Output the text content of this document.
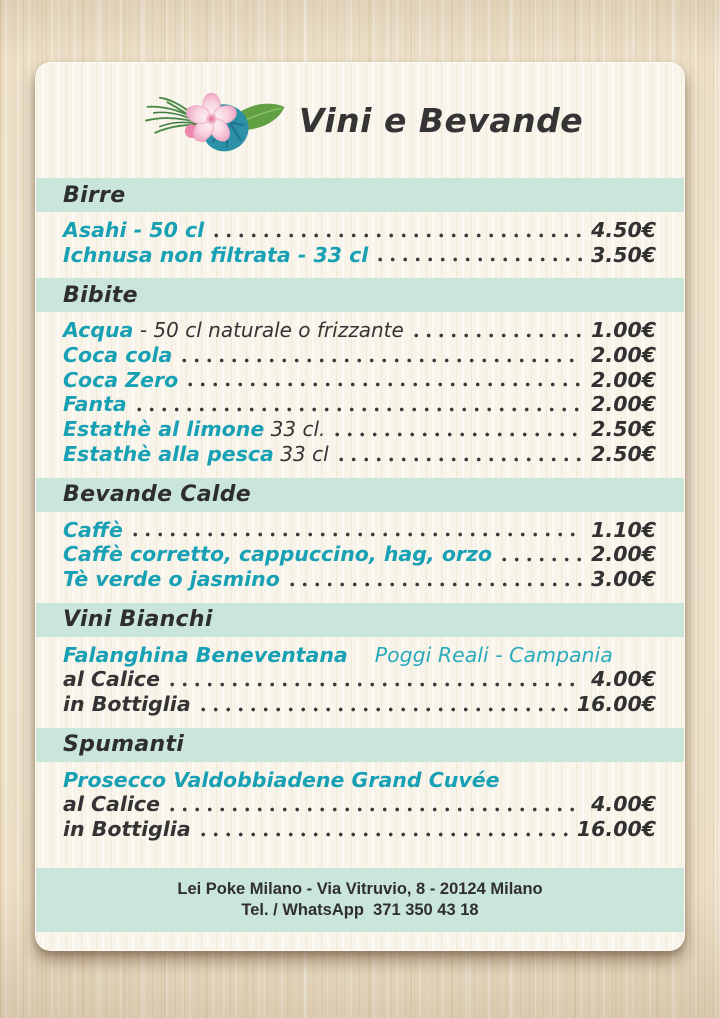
Vini e Bevande
Birre
Asahi - 50 cl	4.50€
Ichnusa non filtrata - 33 cl	3.50€
Bibite
Acqua - 50 cl naturale o frizzante	1.00€
Coca cola	2.00€
Coca Zero	2.00€
Fanta	2.00€
Estathè al limone 33 cl.	2.50€
Estathè alla pesca 33 cl	2.50€
Bevande Calde
Caffè	1.10€
Caffè corretto, cappuccino, hag, orzo	2.00€
Tè verde o jasmino	3.00€
Vini Bianchi
Falanghina Beneventana Poggi Reali - Campania
al Calice	4.00€
in Bottiglia	16.00€
Spumanti
Prosecco Valdobbiadene Grand Cuvée
al Calice	4.00€
in Bottiglia	16.00€
Lei Poke Milano - Via Vitruvio, 8 - 20124 Milano
Tel. / WhatsApp  371 350 43 18
